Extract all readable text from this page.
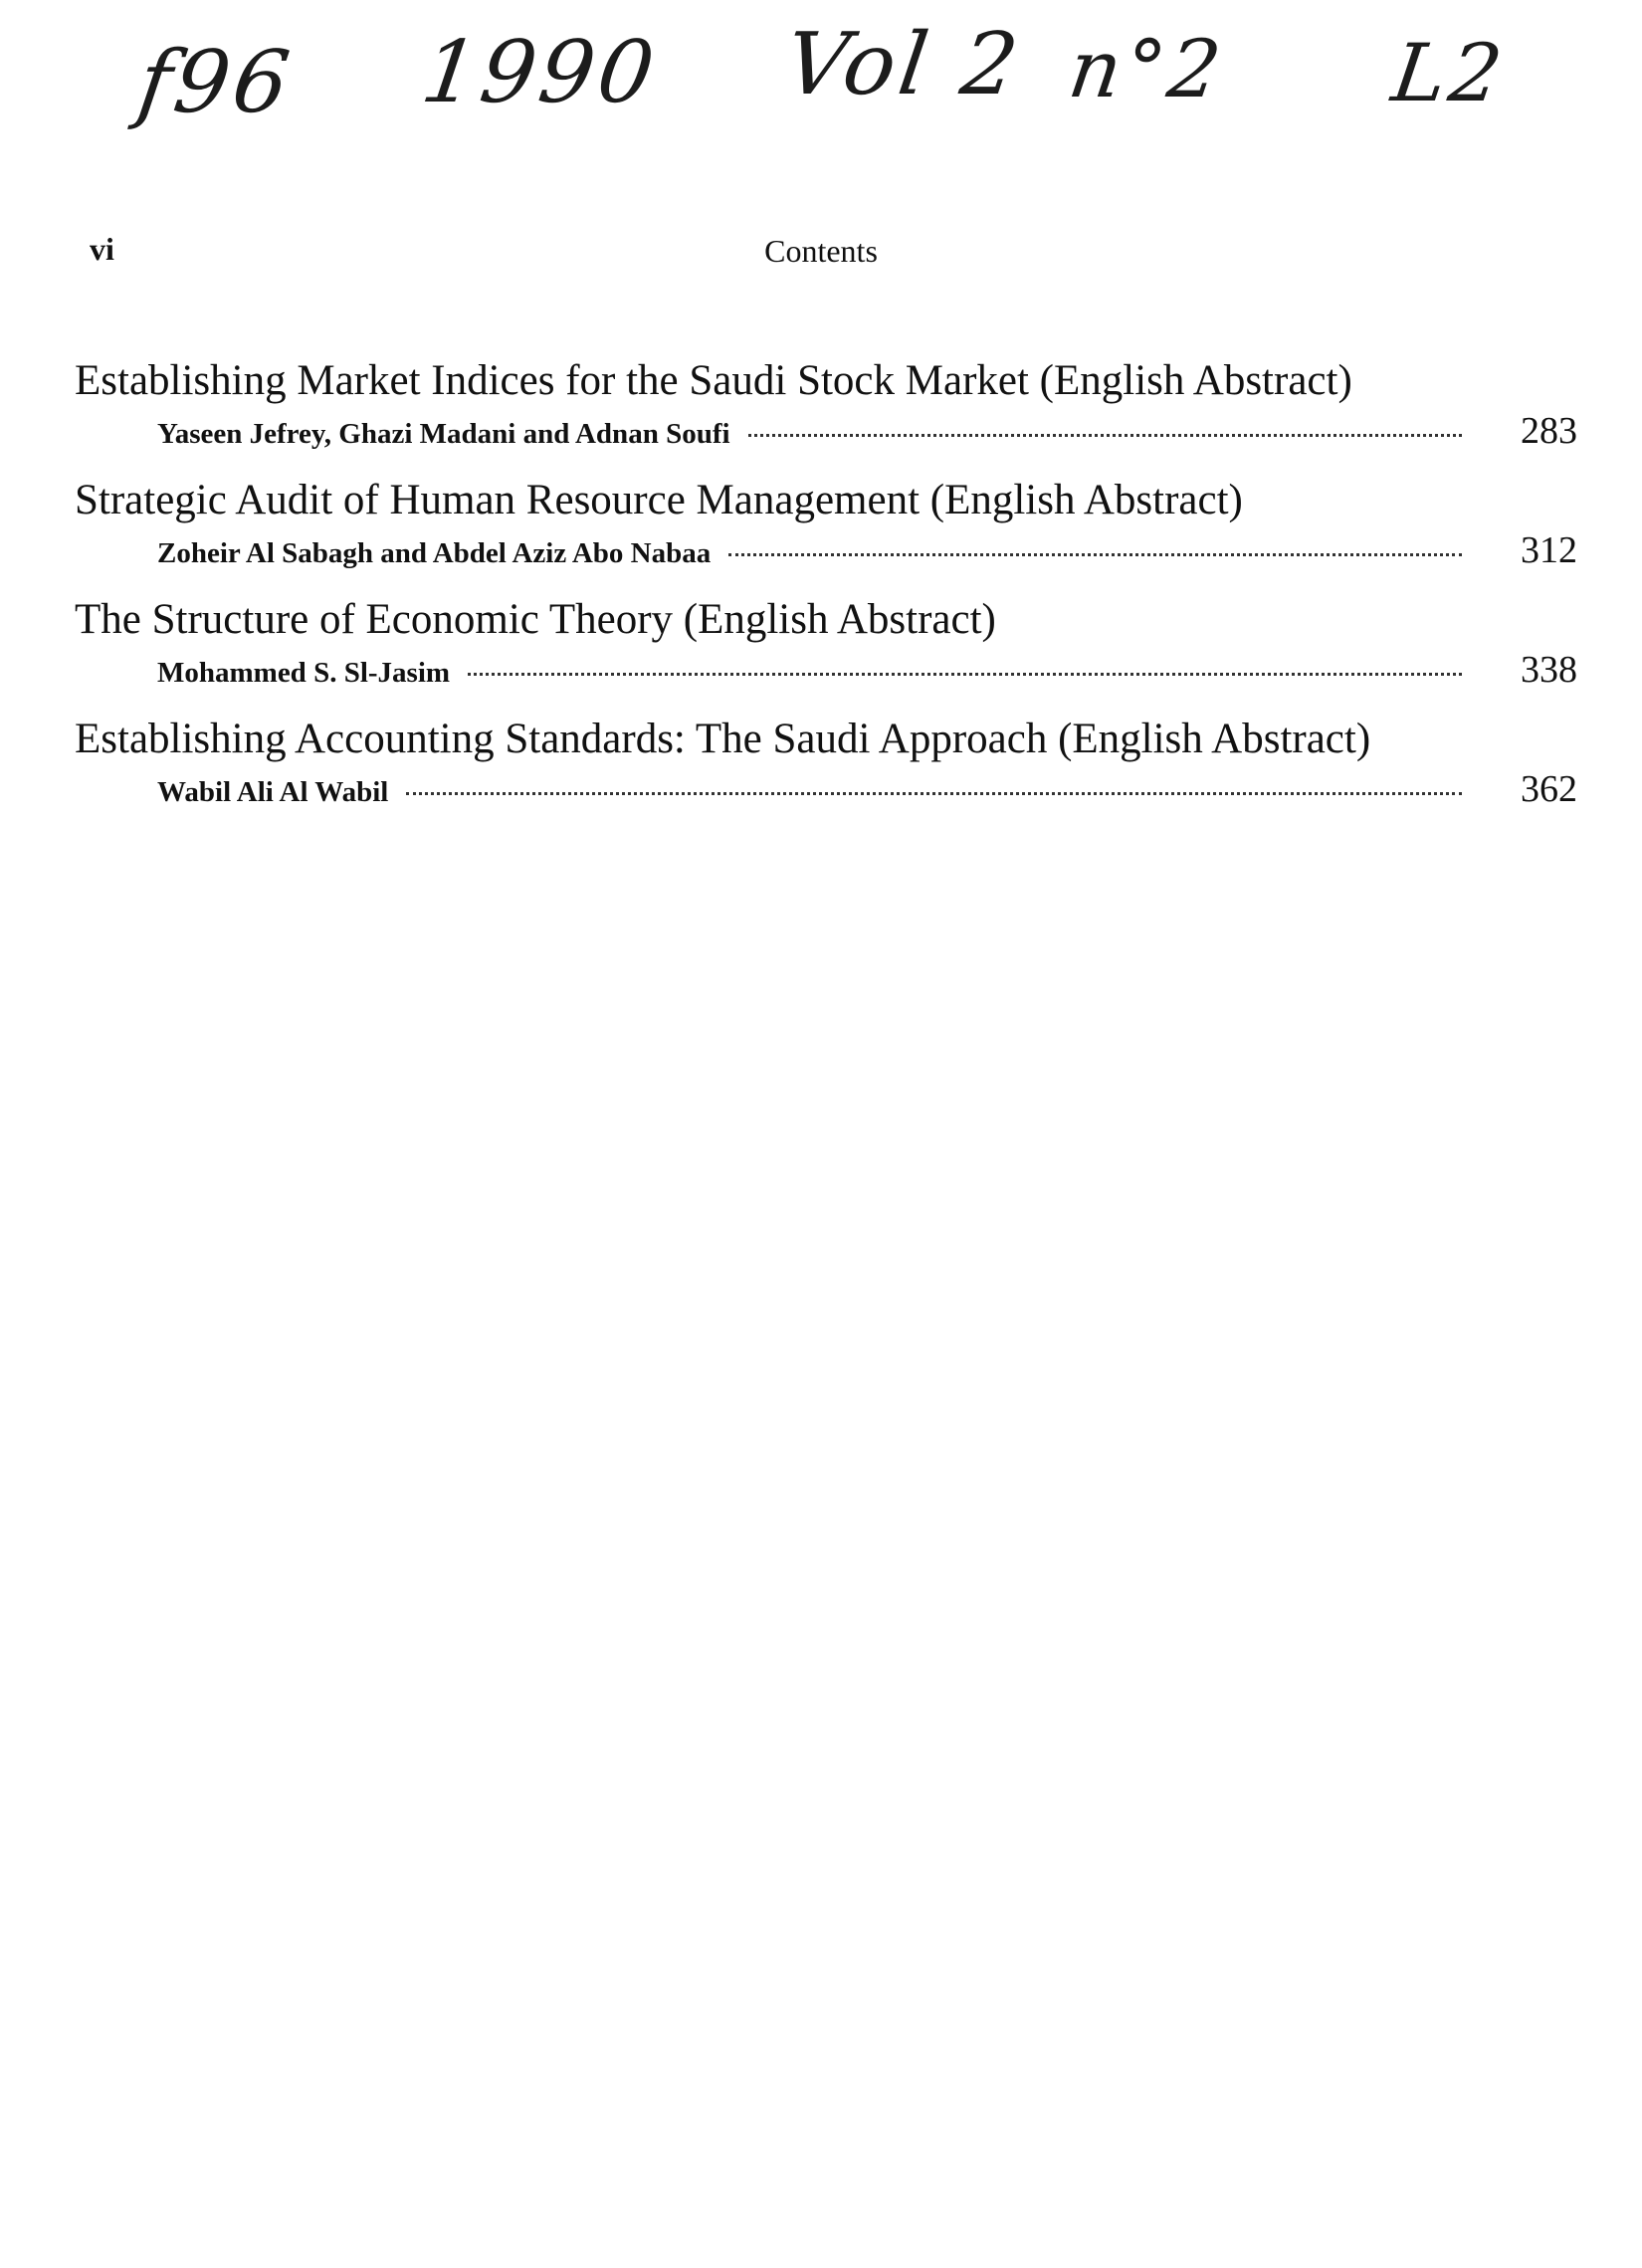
f96 1990 Vol 2 n°2 L2
vi	Contents
Establishing Market Indices for the Saudi Stock Market (English Abstract)
Yaseen Jefrey, Ghazi Madani and Adnan Soufi	283
Strategic Audit of Human Resource Management (English Abstract)
Zoheir Al Sabagh and Abdel Aziz Abo Nabaa	312
The Structure of Economic Theory (English Abstract)
Mohammed S. Sl-Jasim	338
Establishing Accounting Standards: The Saudi Approach (English Abstract)
Wabil Ali Al Wabil	362
